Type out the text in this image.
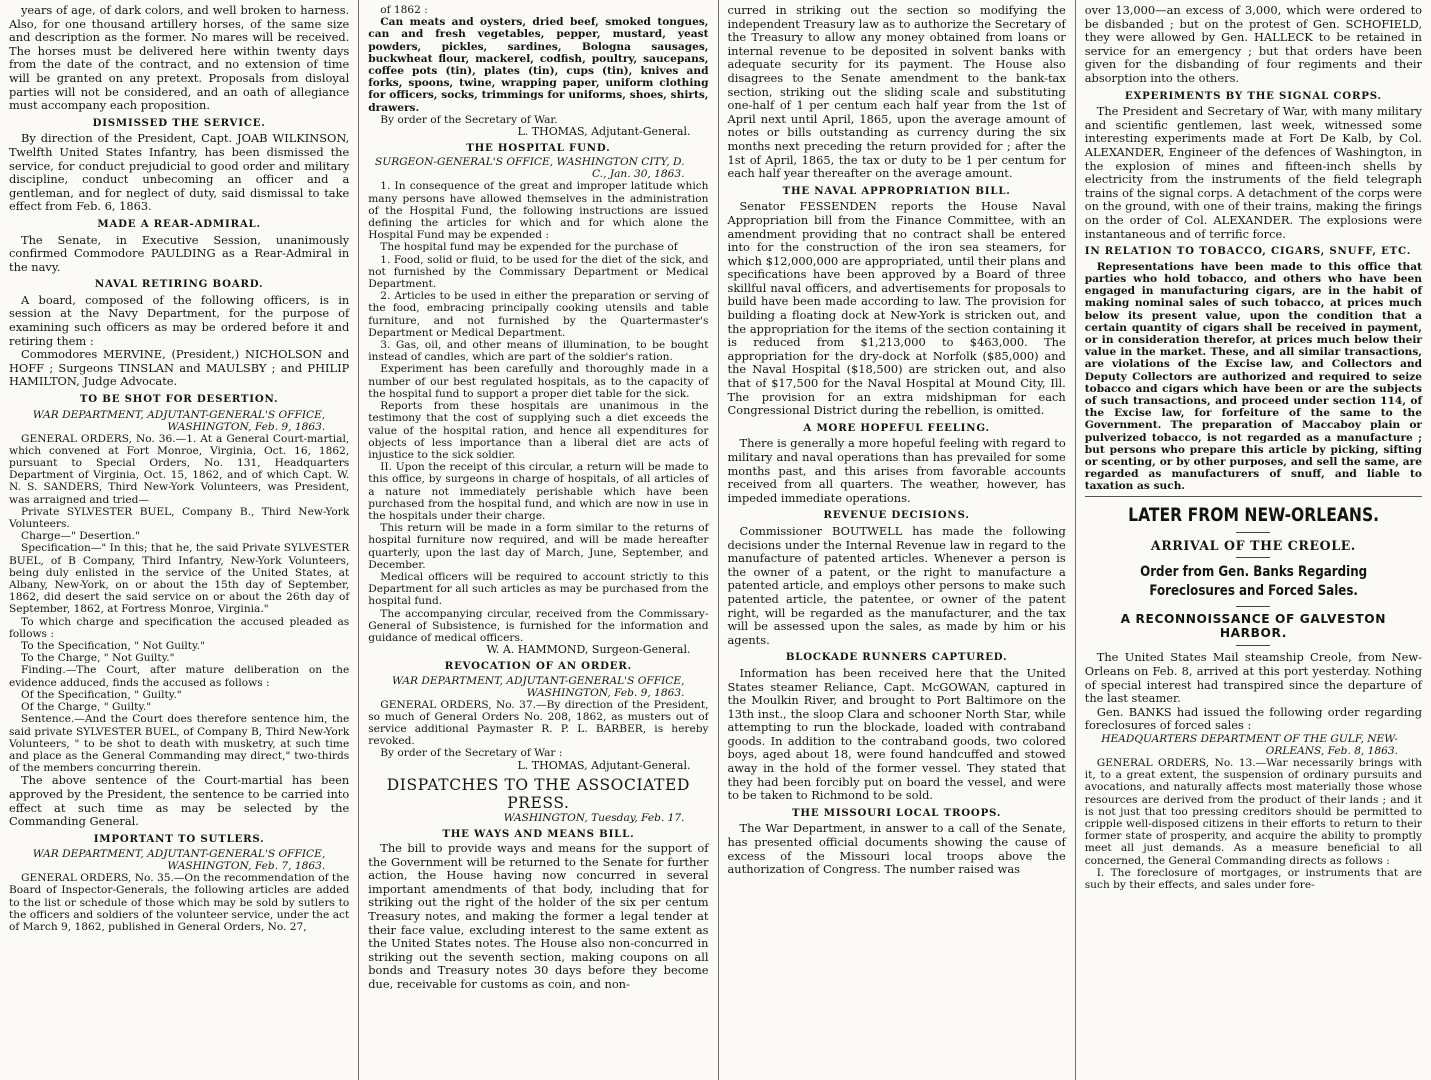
years of age, of dark colors, and well broken to harness. Also, for one thousand artillery horses, of the same size and description as the former. No mares will be received. The horses must be delivered here within twenty days from the date of the contract, and no extension of time will be granted on any pretext. Proposals from disloyal parties will not be considered, and an oath of allegiance must accompany each proposition.

DISMISSED THE SERVICE.

By direction of the President, Capt. JOAB WILKINSON, Twelfth United States Infantry, has been dismissed the service, for conduct prejudicial to good order and military discipline, conduct unbecoming an officer and a gentleman, and for neglect of duty, said dismissal to take effect from Feb. 6, 1863.

MADE A REAR-ADMIRAL.

The Senate, in Executive Session, unanimously confirmed Commodore PAULDING as a Rear-Admiral in the navy.

NAVAL RETIRING BOARD.

A board, composed of the following officers, is in session at the Navy Department, for the purpose of examining such officers as may be ordered before it and retiring them :

Commodores MERVINE, (President,) NICHOLSON and HOFF ; Surgeons TINSLAN and MAULSBY ; and PHILIP HAMILTON, Judge Advocate.

TO BE SHOT FOR DESERTION.
WAR DEPARTMENT, ADJUTANT-GENERAL'S OFFICE, WASHINGTON, Feb. 9, 1863.

GENERAL ORDERS, No. 36.—1. At a General Court-martial, which convened at Fort Monroe, Virginia, Oct. 16, 1862, pursuant to Special Orders, No. 131, Headquarters Department of Virginia, Oct. 15, 1862, and of which Capt. W. N. S. SANDERS, Third New-York Volunteers, was President, was arraigned and tried—

Private SYLVESTER BUEL, Company B., Third New-York Volunteers.

Charge—" Desertion."

Specification—" In this; that he, the said Private SYLVESTER BUEL, of B Company, Third Infantry, New-York Volunteers, being duly enlisted in the service of the United States, at Albany, New-York, on or about the 15th day of September, 1862, did desert the said service on or about the 26th day of September, 1862, at Fortress Monroe, Virginia."

To which charge and specification the accused pleaded as follows :

To the Specification, " Not Guilty."

To the Charge, " Not Guilty."

Finding.—The Court, after mature deliberation on the evidence adduced, finds the accused as follows :

Of the Specification, " Guilty."

Of the Charge, " Guilty."

Sentence.—And the Court does therefore sentence him, the said private SYLVESTER BUEL, of Company B, Third New-York Volunteers, " to be shot to death with musketry, at such time and place as the General Commanding may direct," two-thirds of the members concurring therein.

The above sentence of the Court-martial has been approved by the President, the sentence to be carried into effect at such time as may be selected by the Commanding General.

IMPORTANT TO SUTLERS.
WAR DEPARTMENT, ADJUTANT-GENERAL'S OFFICE, WASHINGTON, Feb. 7, 1863.

GENERAL ORDERS, No. 35.—On the recommendation of the Board of Inspector-Generals, the following articles are added to the list or schedule of those which may be sold by sutlers to the officers and soldiers of the volunteer service, under the act of March 9, 1862, published in General Orders, No. 27,

of 1862 :

Can meats and oysters, dried beef, smoked tongues, can and fresh vegetables, pepper, mustard, yeast powders, pickles, sardines, Bologna sausages, buckwheat flour, mackerel, codfish, poultry, saucepans, coffee pots (tin), plates (tin), cups (tin), knives and forks, spoons, twine, wrapping paper, uniform clothing for officers, socks, trimmings for uniforms, shoes, shirts, drawers.

By order of the Secretary of War.

L. THOMAS, Adjutant-General.
THE HOSPITAL FUND.
SURGEON-GENERAL'S OFFICE, WASHINGTON CITY, D. C., Jan. 30, 1863.

1. In consequence of the great and improper latitude which many persons have allowed themselves in the administration of the Hospital Fund, the following instructions are issued defining the articles for which and for which alone the Hospital Fund may be expended :

The hospital fund may be expended for the purchase of

1. Food, solid or fluid, to be used for the diet of the sick, and not furnished by the Commissary Department or Medical Department.

2. Articles to be used in either the preparation or serving of the food, embracing principally cooking utensils and table furniture, and not furnished by the Quartermaster's Department or Medical Department.

3. Gas, oil, and other means of illumination, to be bought instead of candles, which are part of the soldier's ration.

Experiment has been carefully and thoroughly made in a number of our best regulated hospitals, as to the capacity of the hospital fund to support a proper diet table for the sick.

Reports from these hospitals are unanimous in the testimony that the cost of supplying such a diet exceeds the value of the hospital ration, and hence all expenditures for objects of less importance than a liberal diet are acts of injustice to the sick soldier.

II. Upon the receipt of this circular, a return will be made to this office, by surgeons in charge of hospitals, of all articles of a nature not immediately perishable which have been purchased from the hospital fund, and which are now in use in the hospitals under their charge.

This return will be made in a form similar to the returns of hospital furniture now required, and will be made hereafter quarterly, upon the last day of March, June, September, and December.

Medical officers will be required to account strictly to this Department for all such articles as may be purchased from the hospital fund.

The accompanying circular, received from the Commissary-General of Subsistence, is furnished for the information and guidance of medical officers.

W. A. HAMMOND, Surgeon-General.
REVOCATION OF AN ORDER.
WAR DEPARTMENT, ADJUTANT-GENERAL'S OFFICE, WASHINGTON, Feb. 9, 1863.

GENERAL ORDERS, No. 37.—By direction of the President, so much of General Orders No. 208, 1862, as musters out of service additional Paymaster R. P. L. BARBER, is hereby revoked.

By order of the Secretary of War :

L. THOMAS, Adjutant-General.
DISPATCHES TO THE ASSOCIATED PRESS.
WASHINGTON, Tuesday, Feb. 17.
THE WAYS AND MEANS BILL.

The bill to provide ways and means for the support of the Government will be returned to the Senate for further action, the House having now concurred in several important amendments of that body, including that for striking out the right of the holder of the six per centum Treasury notes, and making the former a legal tender at their face value, excluding interest to the same extent as the United States notes. The House also non-concurred in striking out the seventh section, making coupons on all bonds and Treasury notes 30 days before they become due, receivable for customs as coin, and non-

curred in striking out the section so modifying the independent Treasury law as to authorize the Secretary of the Treasury to allow any money obtained from loans or internal revenue to be deposited in solvent banks with adequate security for its payment. The House also disagrees to the Senate amendment to the bank-tax section, striking out the sliding scale and substituting one-half of 1 per centum each half year from the 1st of April next until April, 1865, upon the average amount of notes or bills outstanding as currency during the six months next preceding the return provided for ; after the 1st of April, 1865, the tax or duty to be 1 per centum for each half year thereafter on the average amount.

THE NAVAL APPROPRIATION BILL.

Senator FESSENDEN reports the House Naval Appropriation bill from the Finance Committee, with an amendment providing that no contract shall be entered into for the construction of the iron sea steamers, for which $12,000,000 are appropriated, until their plans and specifications have been approved by a Board of three skillful naval officers, and advertisements for proposals to build have been made according to law. The provision for building a floating dock at New-York is stricken out, and the appropriation for the items of the section containing it is reduced from $1,213,000 to $463,000. The appropriation for the dry-dock at Norfolk ($85,000) and the Naval Hospital ($18,500) are stricken out, and also that of $17,500 for the Naval Hospital at Mound City, Ill. The provision for an extra midshipman for each Congressional District during the rebellion, is omitted.

A MORE HOPEFUL FEELING.

There is generally a more hopeful feeling with regard to military and naval operations than has prevailed for some months past, and this arises from favorable accounts received from all quarters. The weather, however, has impeded immediate operations.

REVENUE DECISIONS.

Commissioner BOUTWELL has made the following decisions under the Internal Revenue law in regard to the manufacture of patented articles. Whenever a person is the owner of a patent, or the right to manufacture a patented article, and employs other persons to make such patented article, the patentee, or owner of the patent right, will be regarded as the manufacturer, and the tax will be assessed upon the sales, as made by him or his agents.

BLOCKADE RUNNERS CAPTURED.

Information has been received here that the United States steamer Reliance, Capt. McGOWAN, captured in the Moulkin River, and brought to Port Baltimore on the 13th inst., the sloop Clara and schooner North Star, while attempting to run the blockade, loaded with contraband goods. In addition to the contraband goods, two colored boys, aged about 18, were found handcuffed and stowed away in the hold of the former vessel. They stated that they had been forcibly put on board the vessel, and were to be taken to Richmond to be sold.

THE MISSOURI LOCAL TROOPS.

The War Department, in answer to a call of the Senate, has presented official documents showing the cause of excess of the Missouri local troops above the authorization of Congress. The number raised was

over 13,000—an excess of 3,000, which were ordered to be disbanded ; but on the protest of Gen. SCHOFIELD, they were allowed by Gen. HALLECK to be retained in service for an emergency ; but that orders have been given for the disbanding of four regiments and their absorption into the others.

EXPERIMENTS BY THE SIGNAL CORPS.

The President and Secretary of War, with many military and scientific gentlemen, last week, witnessed some interesting experiments made at Fort De Kalb, by Col. ALEXANDER, Engineer of the defences of Washington, in the explosion of mines and fifteen-inch shells by electricity from the instruments of the field telegraph trains of the signal corps. A detachment of the corps were on the ground, with one of their trains, making the firings on the order of Col. ALEXANDER. The explosions were instantaneous and of terrific force.

IN RELATION TO TOBACCO, CIGARS, SNUFF, ETC.

Representations have been made to this office that parties who hold tobacco, and others who have been engaged in manufacturing cigars, are in the habit of making nominal sales of such tobacco, at prices much below its present value, upon the condition that a certain quantity of cigars shall be received in payment, or in consideration therefor, at prices much below their value in the market. These, and all similar transactions, are violations of the Excise law, and Collectors and Deputy Collectors are authorized and required to seize tobacco and cigars which have been or are the subjects of such transactions, and proceed under section 114, of the Excise law, for forfeiture of the same to the Government. The preparation of Maccaboy plain or pulverized tobacco, is not regarded as a manufacture ; but persons who prepare this article by picking, sifting or scenting, or by other purposes, and sell the same, are regarded as manufacturers of snuff, and liable to taxation as such.

LATER FROM NEW-ORLEANS.
ARRIVAL OF THE CREOLE.
Order from Gen. Banks Regarding Foreclosures and Forced Sales.
A RECONNOISSANCE OF GALVESTON HARBOR.

The United States Mail steamship Creole, from New-Orleans on Feb. 8, arrived at this port yesterday. Nothing of special interest had transpired since the departure of the last steamer.

Gen. BANKS had issued the following order regarding foreclosures of forced sales :

HEADQUARTERS DEPARTMENT OF THE GULF, NEW-ORLEANS, Feb. 8, 1863.

GENERAL ORDERS, No. 13.—War necessarily brings with it, to a great extent, the suspension of ordinary pursuits and avocations, and naturally affects most materially those whose resources are derived from the product of their lands ; and it is not just that too pressing creditors should be permitted to cripple well-disposed citizens in their efforts to return to their former state of prosperity, and acquire the ability to promptly meet all just demands. As a measure beneficial to all concerned, the General Commanding directs as follows :

I. The foreclosure of mortgages, or instruments that are such by their effects, and sales under fore-
